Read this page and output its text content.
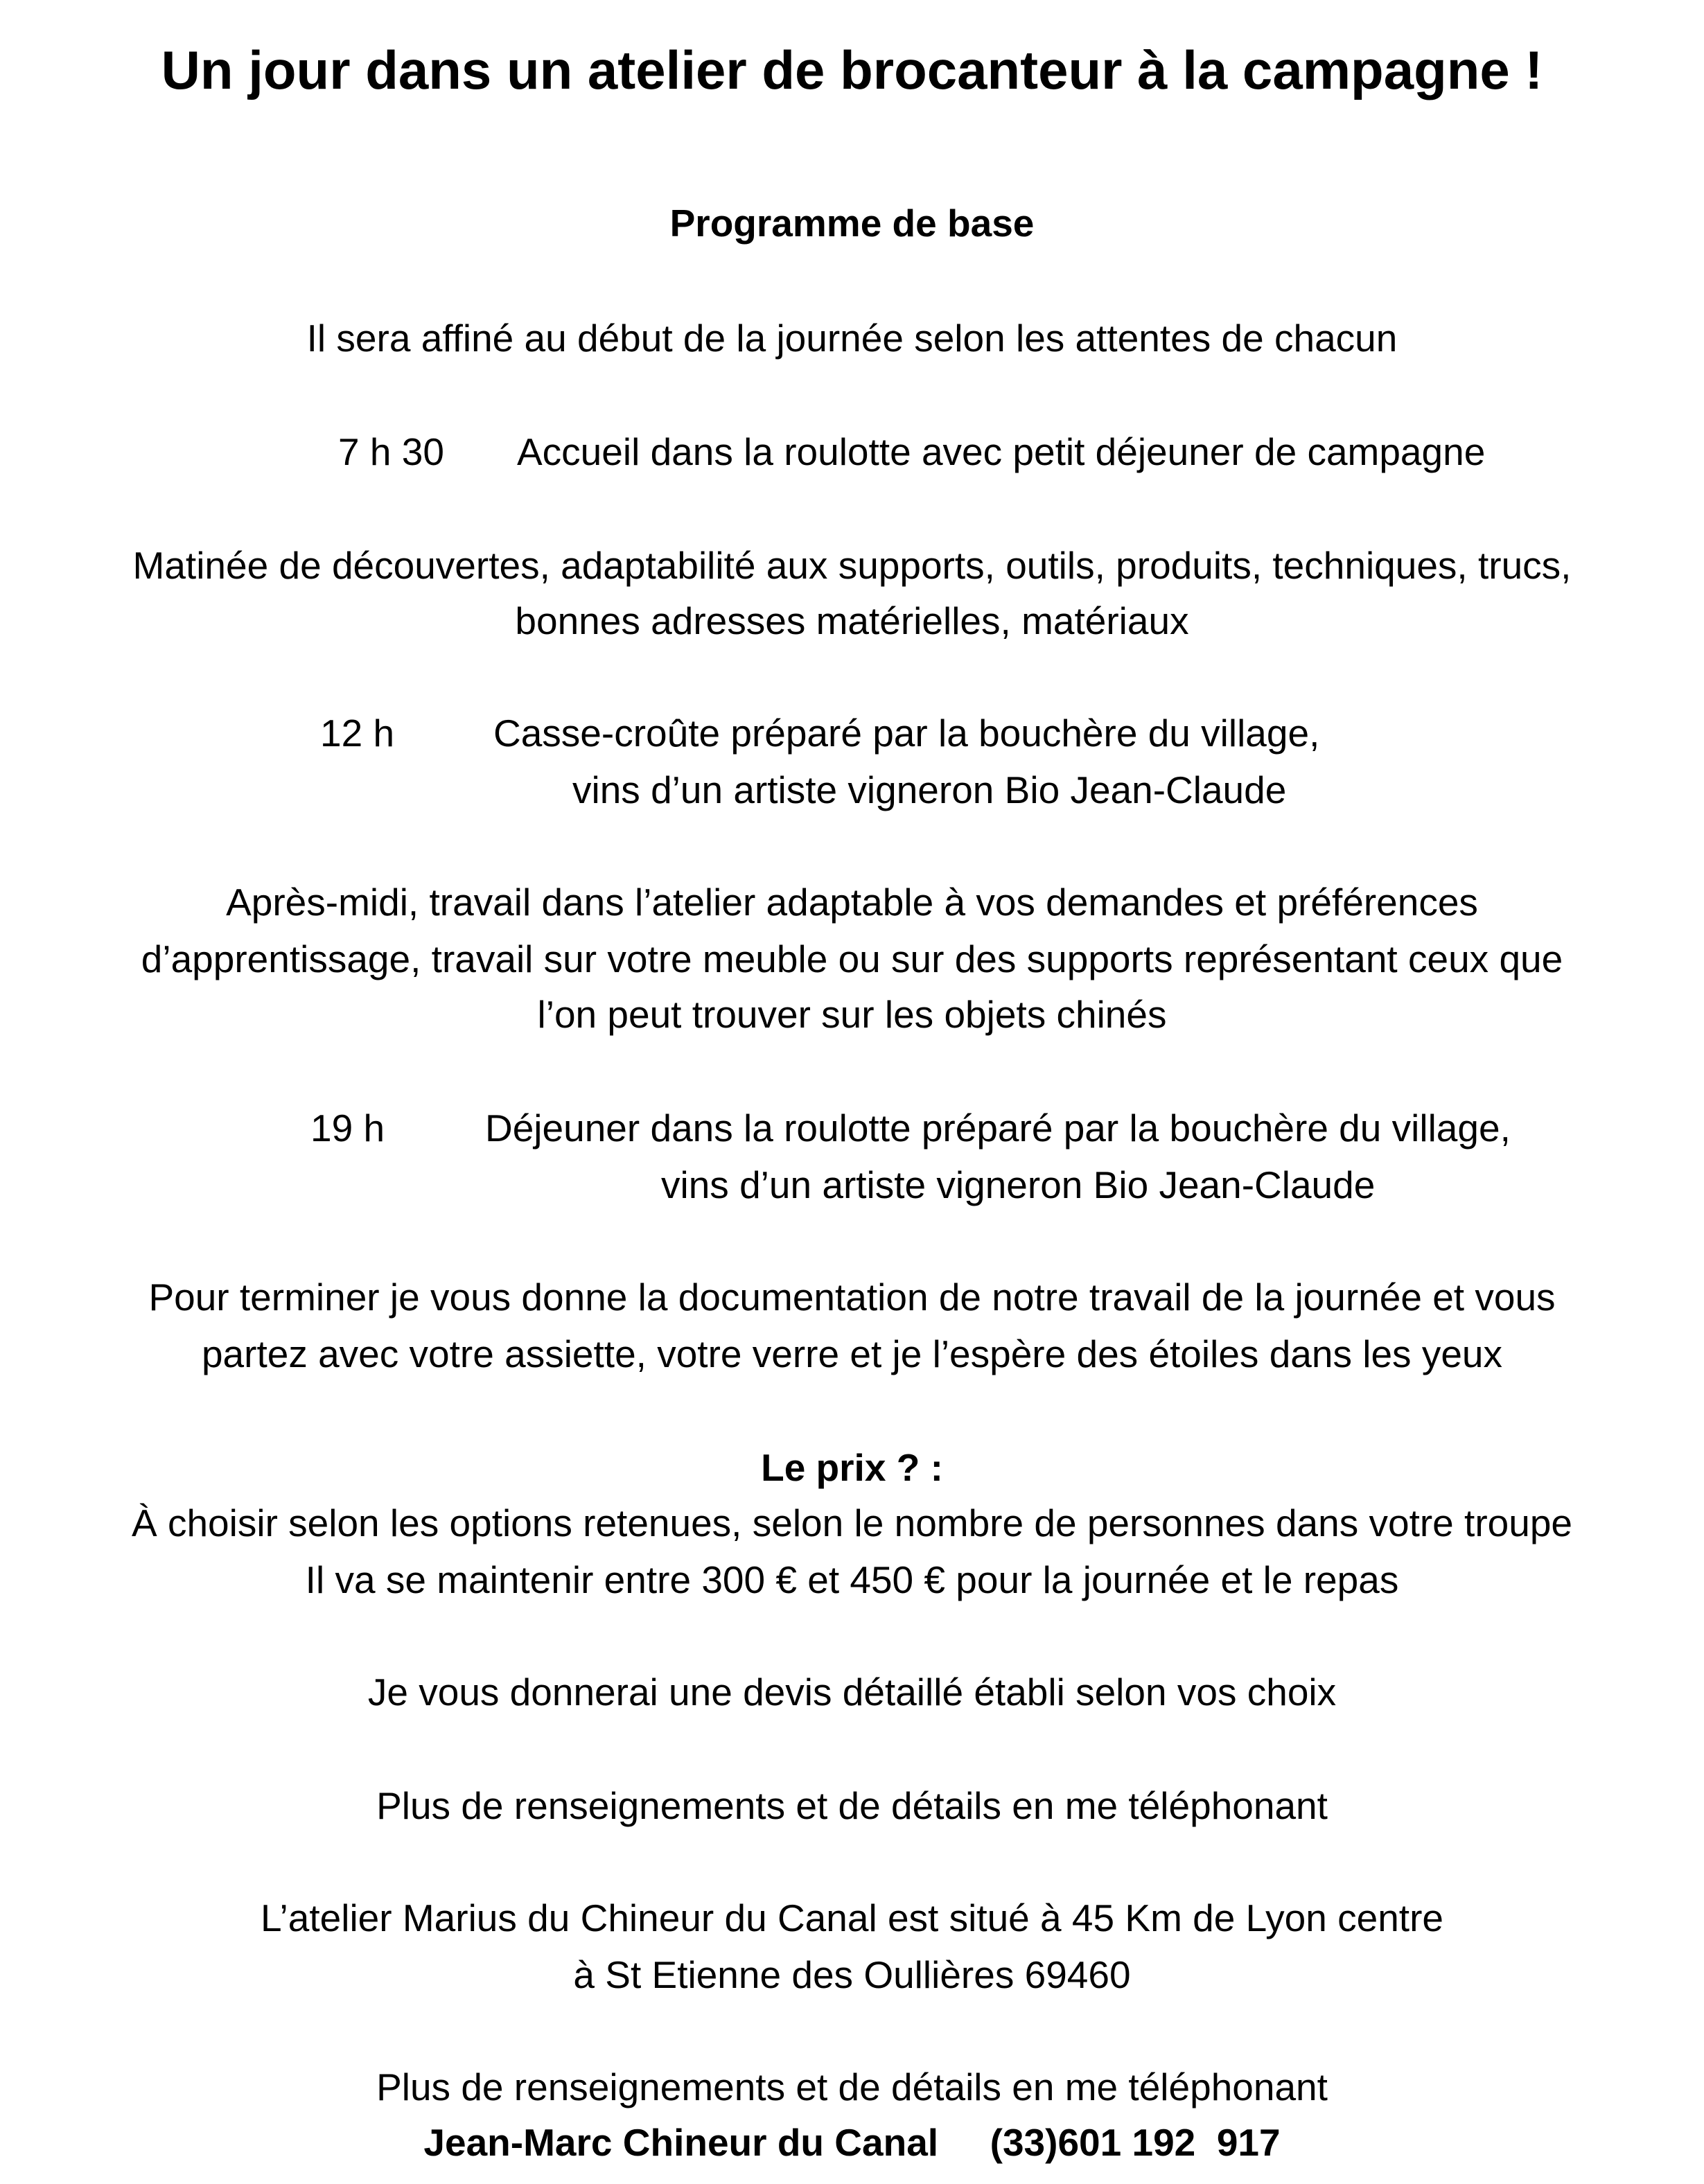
Un jour dans un atelier de brocanteur à la campagne !
Programme de base
Il sera affiné au début de la journée selon les attentes de chacun
7 h 30 Accueil dans la roulotte avec petit déjeuner de campagne
Matinée de découvertes, adaptabilité aux supports, outils, produits, techniques, trucs,
bonnes adresses matérielles, matériaux
12 h	Casse-croûte préparé par la bouchère du village,
vins d’un artiste vigneron Bio Jean-Claude
Après-midi, travail dans l’atelier adaptable à vos demandes et préférences
d’apprentissage, travail sur votre meuble ou sur des supports représentant ceux que
l’on peut trouver sur les objets chinés
19 h	Déjeuner dans la roulotte préparé par la bouchère du village,
vins d’un artiste vigneron Bio Jean-Claude
Pour terminer je vous donne la documentation de notre travail de la journée et vous
partez avec votre assiette, votre verre et je l’espère des étoiles dans les yeux
Le prix ? :
À choisir selon les options retenues, selon le nombre de personnes dans votre troupe
Il va se maintenir entre 300 € et 450 € pour la journée et le repas
Je vous donnerai une devis détaillé établi selon vos choix
Plus de renseignements et de détails en me téléphonant
L’atelier Marius du Chineur du Canal est situé à 45 Km de Lyon centre
à St Etienne des Oullières 69460
Plus de renseignements et de détails en me téléphonant
Jean-Marc Chineur du Canal (33)601 192  917
